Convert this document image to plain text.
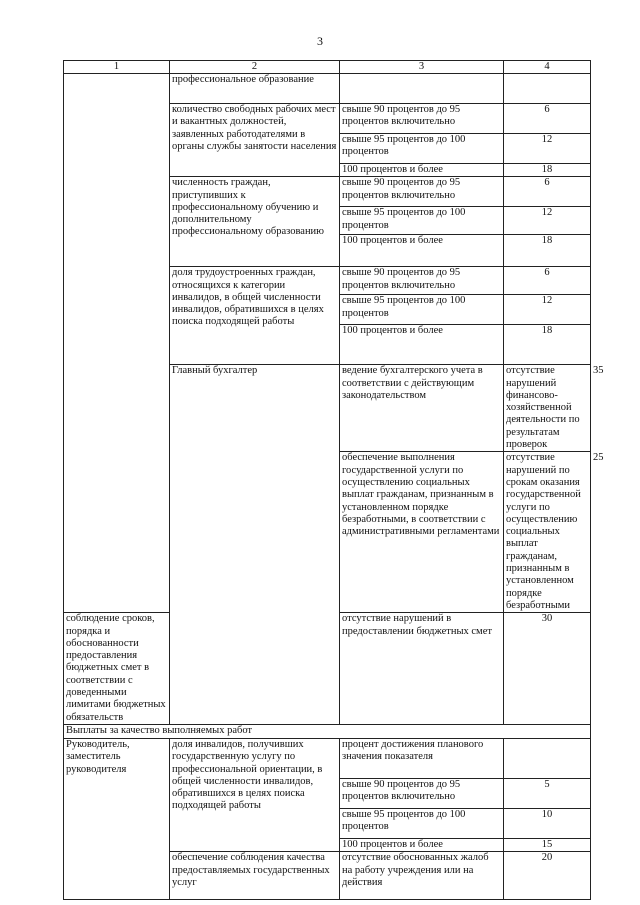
3
1	2	3	4	
	профессиональное образование			
	количество свободных рабочих мест и вакантных должностей, заявленных работодателями в органы службы занятости населения	свыше 90 процентов до 95 процентов включительно	6	
		свыше 95 процентов до 100 процентов	12	
		100 процентов и более	18	
	численность граждан, приступивших к профессиональному обучению и дополнительному профессиональному образованию	свыше 90 процентов до 95 процентов включительно	6	
		свыше 95 процентов до 100 процентов	12	
		100 процентов и более	18	
	доля трудоустроенных граждан, относящихся к категории инвалидов, в общей численности инвалидов, обратившихся в целях поиска подходящей работы	свыше 90 процентов до 95 процентов включительно	6	
		свыше 95 процентов до 100 процентов	12	
		100 процентов и более	18	
	Главный бухгалтер	ведение бухгалтерского учета в соответствии с действующим законодательством	отсутствие нарушений финансово-хозяйственной деятельности по результатам проверок	35
		обеспечение выполнения государственной услуги по осуществлению социальных выплат гражданам, признанным в установленном порядке безработными, в соответствии с административными регламентами	отсутствие нарушений по срокам оказания государственной услуги по осуществлению социальных выплат гражданам, признанным в установленном порядке безработными	25
соблюдение сроков, порядка и обоснованности предоставления бюджетных смет в соответствии с доведенными лимитами бюджетных обязательств		отсутствие нарушений в предоставлении бюджетных смет	30	
Выплаты за качество выполняемых работ				
Руководитель, заместитель руководителя	доля инвалидов, получивших государственную услугу по профессиональной ориентации, в общей численности инвалидов, обратившихся в целях поиска подходящей работы	процент достижения планового значения показателя		
		свыше 90 процентов до 95 процентов включительно	5	
		свыше 95 процентов до 100 процентов	10	
		100 процентов и более	15	
	обеспечение соблюдения качества предоставляемых государственных услуг	отсутствие обоснованных жалоб на работу учреждения или на действия	20	
